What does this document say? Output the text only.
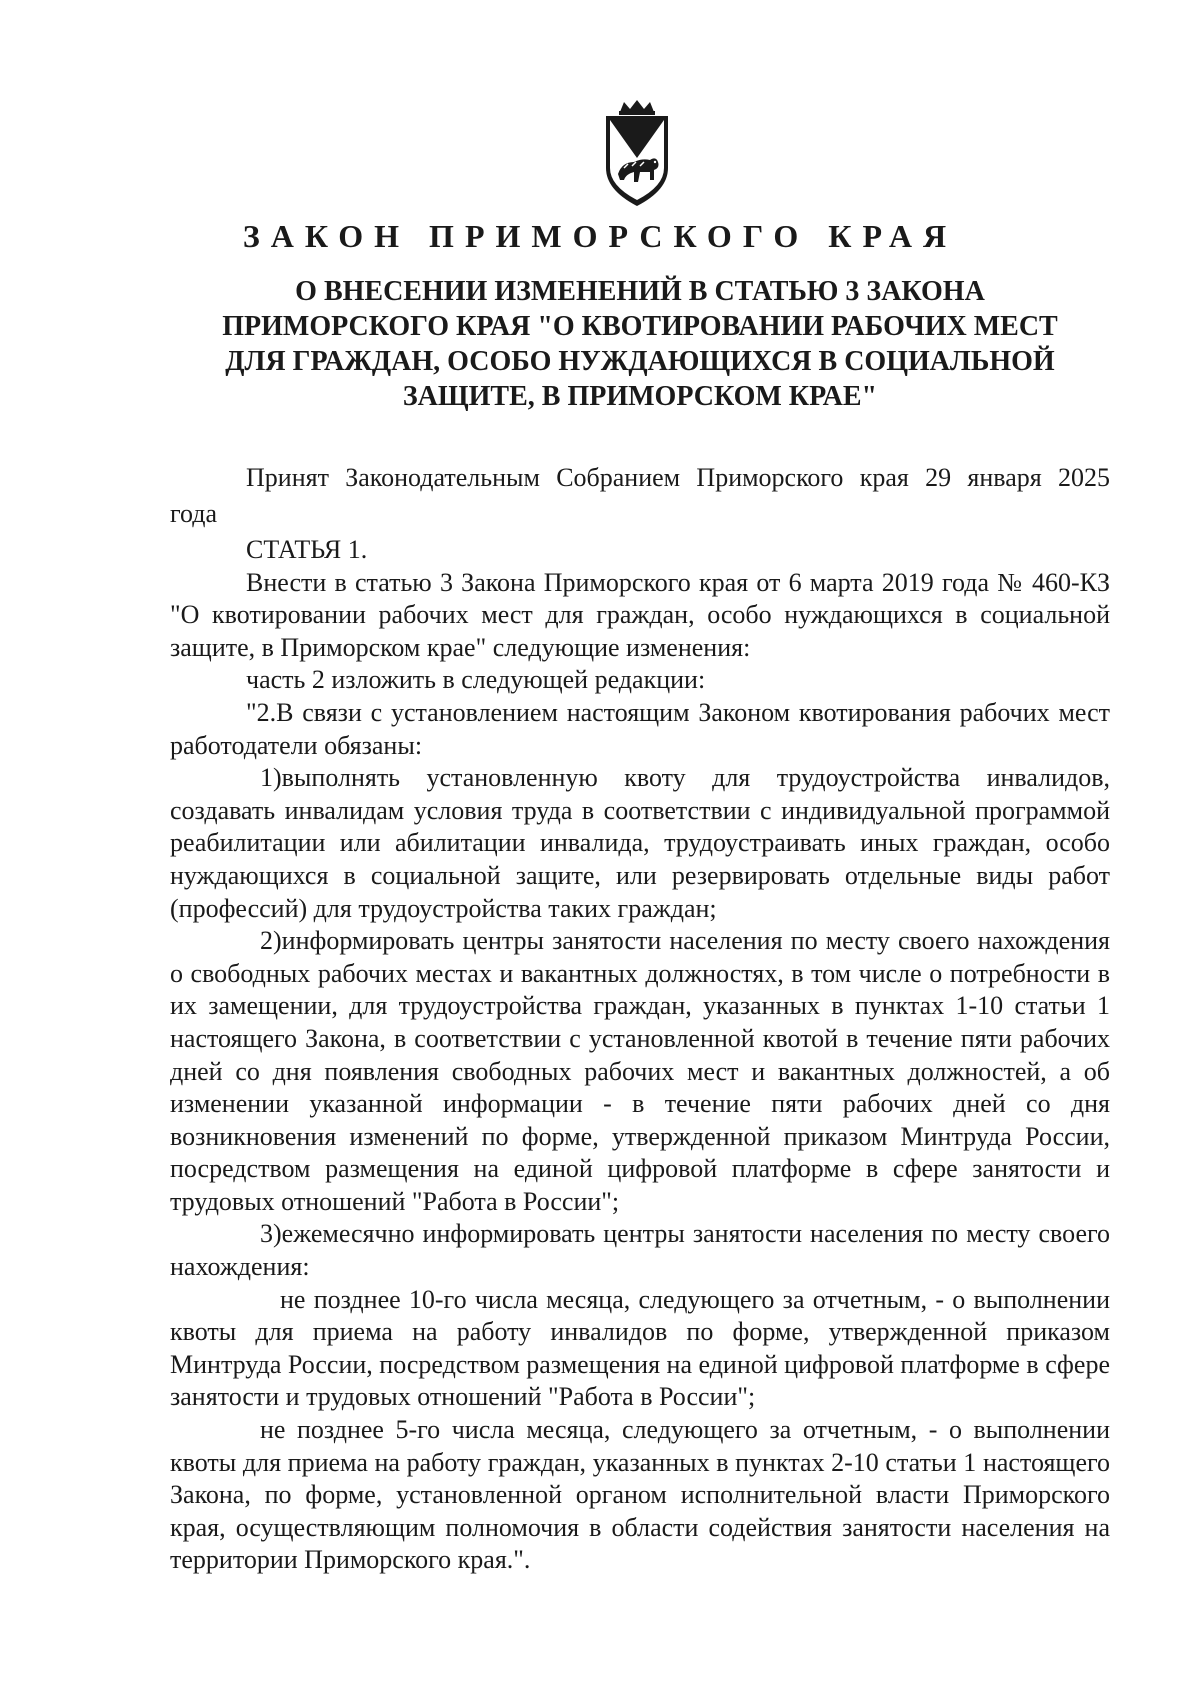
ЗАКОН ПРИМОРСКОГО КРАЯ
О ВНЕСЕНИИ ИЗМЕНЕНИЙ В СТАТЬЮ 3 ЗАКОНА
ПРИМОРСКОГО КРАЯ "О КВОТИРОВАНИИ РАБОЧИХ МЕСТ
ДЛЯ ГРАЖДАН, ОСОБО НУЖДАЮЩИХСЯ В СОЦИАЛЬНОЙ
ЗАЩИТЕ, В ПРИМОРСКОМ КРАЕ"

Принят Законодательным Собранием Приморского края 29 января 2025 года

СТАТЬЯ 1.

Внести в статью 3 Закона Приморского края от 6 марта 2019 года № 460-КЗ "О квотировании рабочих мест для граждан, особо нуждающихся в социальной защите, в Приморском крае" следующие изменения:

часть 2 изложить в следующей редакции:

"2.В связи с установлением настоящим Законом квотирования рабочих мест работодатели обязаны:

1)выполнять установленную квоту для трудоустройства инвалидов, создавать инвалидам условия труда в соответствии с индивидуальной программой реабилитации или абилитации инвалида, трудоустраивать иных граждан, особо нуждающихся в социальной защите, или резервировать отдельные виды работ (профессий) для трудоустройства таких граждан;

2)информировать центры занятости населения по месту своего нахождения о свободных рабочих местах и вакантных должностях, в том числе о потребности в их замещении, для трудоустройства граждан, указанных в пунктах 1-10 статьи 1 настоящего Закона, в соответствии с установленной квотой в течение пяти рабочих дней со дня появления свободных рабочих мест и вакантных должностей, а об изменении указанной информации - в течение пяти рабочих дней со дня возникновения изменений по форме, утвержденной приказом Минтруда России, посредством размещения на единой цифровой платформе в сфере занятости и трудовых отношений "Работа в России";

3)ежемесячно информировать центры занятости населения по месту своего нахождения:

не позднее 10-го числа месяца, следующего за отчетным, - о выполнении квоты для приема на работу инвалидов по форме, утвержденной приказом Минтруда России, посредством размещения на единой цифровой платформе в сфере занятости и трудовых отношений "Работа в России";

не позднее 5-го числа месяца, следующего за отчетным, - о выполнении квоты для приема на работу граждан, указанных в пунктах 2-10 статьи 1 настоящего Закона, по форме, установленной органом исполнительной власти Приморского края, осуществляющим полномочия в области содействия занятости населения на территории Приморского края.".
